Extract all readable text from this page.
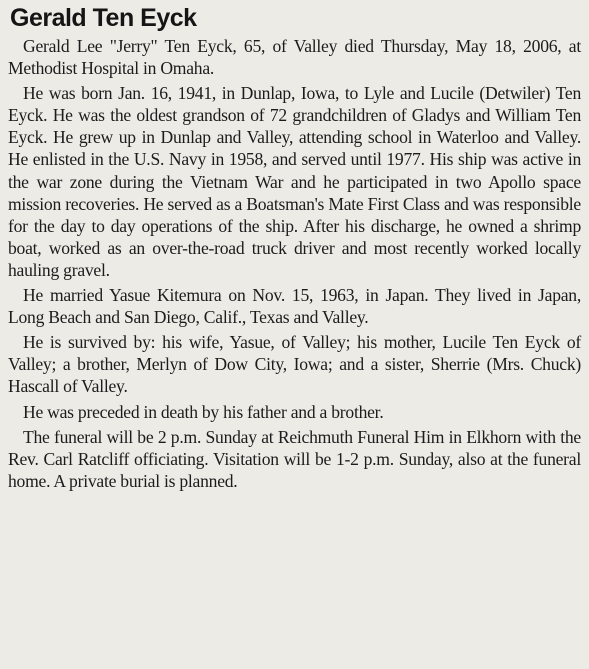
Gerald Ten Eyck

Gerald Lee "Jerry" Ten Eyck, 65, of Valley died Thursday, May 18, 2006, at Methodist Hospital in Omaha.

He was born Jan. 16, 1941, in Dunlap, Iowa, to Lyle and Lucile (Detwiler) Ten Eyck. He was the oldest grandson of 72 grandchildren of Gladys and William Ten Eyck. He grew up in Dunlap and Valley, attending school in Waterloo and Valley. He enlisted in the U.S. Navy in 1958, and served until 1977. His ship was active in the war zone during the Vietnam War and he participated in two Apollo space mission recoveries. He served as a Boatsman's Mate First Class and was responsible for the day to day operations of the ship. After his discharge, he owned a shrimp boat, worked as an over-the-road truck driver and most recently worked locally hauling gravel.

He married Yasue Kitemura on Nov. 15, 1963, in Japan. They lived in Japan, Long Beach and San Diego, Calif., Texas and Valley.

He is survived by: his wife, Yasue, of Valley; his mother, Lucile Ten Eyck of Valley; a brother, Merlyn of Dow City, Iowa; and a sister, Sherrie (Mrs. Chuck) Hascall of Valley.

He was preceded in death by his father and a brother.

The funeral will be 2 p.m. Sunday at Reichmuth Funeral Him in Elkhorn with the Rev. Carl Ratcliff officiating. Visitation will be 1-2 p.m. Sunday, also at the funeral home. A private burial is planned.
